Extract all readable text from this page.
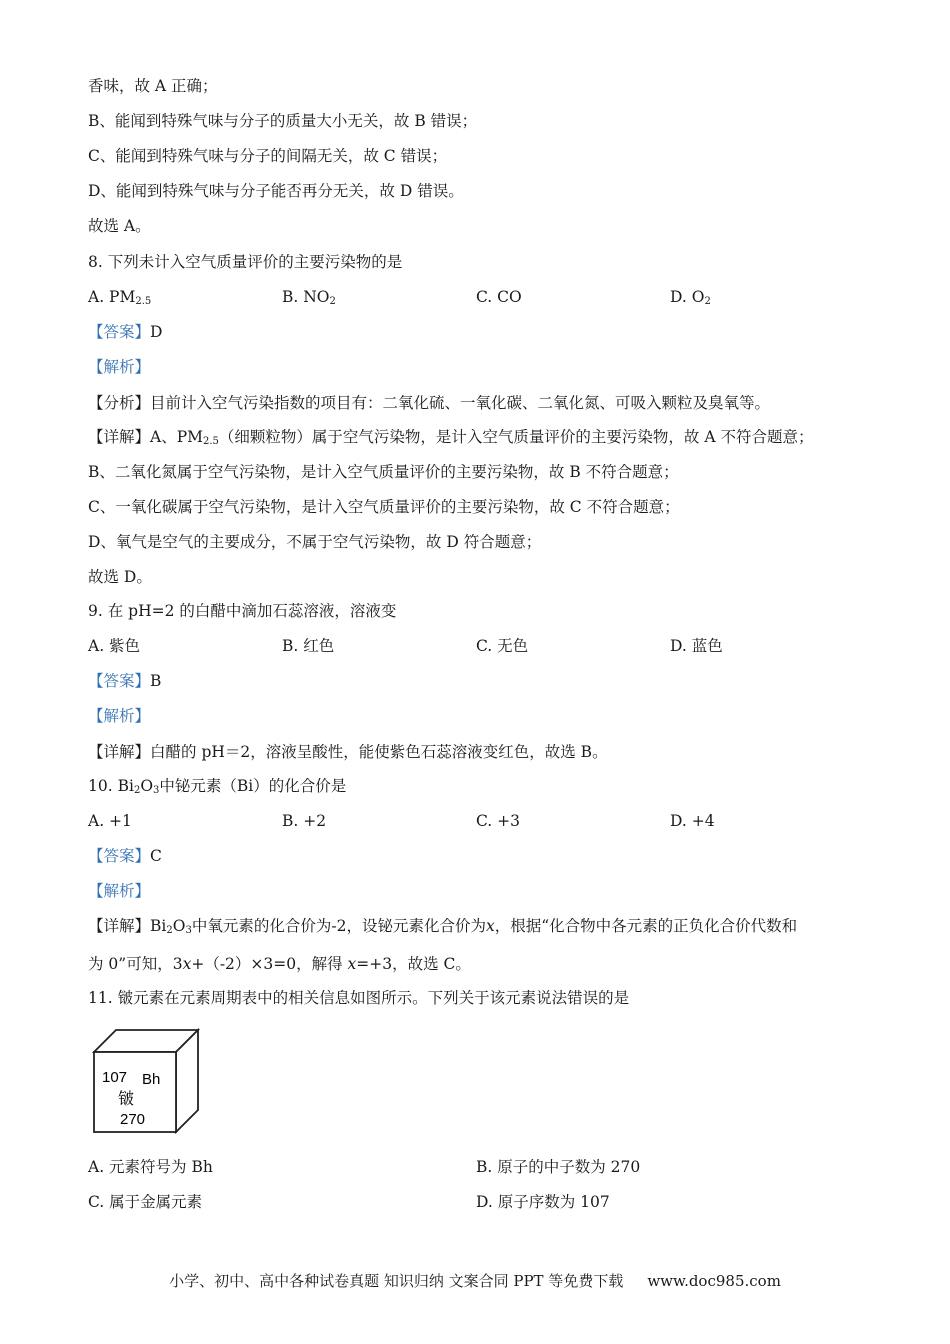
香味，故 A 正确；
B、能闻到特殊气味与分子的质量大小无关，故 B 错误；
C、能闻到特殊气味与分子的间隔无关，故 C 错误；
D、能闻到特殊气味与分子能否再分无关，故 D 错误。
故选 A。
8. 下列未计入空气质量评价的主要污染物的是
A. $PM_{2.5}$	B. $NO_2$	C. CO	D. $O_2$
【答案】D
【解析】
【分析】目前计入空气污染指数的项目有：二氧化硫、一氧化碳、二氧化氮、可吸入颗粒及臭氧等。
【详解】A、$PM_{2.5}$（细颗粒物）属于空气污染物，是计入空气质量评价的主要污染物，故 A 不符合题意；
B、二氧化氮属于空气污染物，是计入空气质量评价的主要污染物，故 B 不符合题意；
C、一氧化碳属于空气污染物，是计入空气质量评价的主要污染物，故 C 不符合题意；
D、氧气是空气的主要成分，不属于空气污染物，故 D 符合题意；
故选 D。
9. 在 pH=2 的白醋中滴加石蕊溶液，溶液变
A. 紫色	B. 红色	C. 无色	D. 蓝色
【答案】B
【解析】
【详解】白醋的 pH＝2，溶液呈酸性，能使紫色石蕊溶液变红色，故选 B。
10. $Bi_2O_3$中铋元素（Bi）的化合价是
A. +1	B. +2	C. +3	D. +4
【答案】C
【解析】
【详解】$Bi_2O_3$中氧元素的化合价为-2，设铋元素化合价为x，根据“化合物中各元素的正负化合价代数和
为 0”可知，3x+（-2）×3=0，解得 x=+3，故选 C。
11. 𬭛元素在元素周期表中的相关信息如图所示。下列关于该元素说法错误的是
107 Bh
𬭛
270
A. 元素符号为 Bh	B. 原子的中子数为 270
C. 属于金属元素	D. 原子序数为 107
小学、初中、高中各种试卷真题 知识归纳 文案合同 PPT 等免费下载 www.doc985.com
